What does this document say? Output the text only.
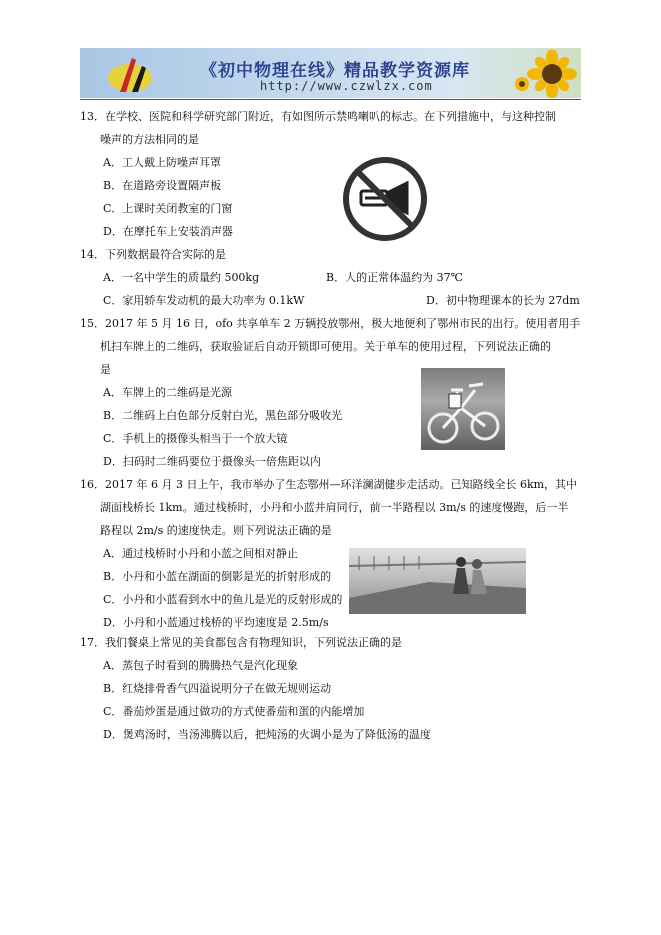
《初中物理在线》精品教学资源库
http://www.czwlzx.com
13．在学校、医院和科学研究部门附近，有如图所示禁鸣喇叭的标志。在下列措施中，与这种控制
噪声的方法相同的是
A．工人戴上防噪声耳罩
B．在道路旁设置隔声板
C．上课时关闭教室的门窗
D．在摩托车上安装消声器
14．下列数据最符合实际的是
A．一名中学生的质量约 500kg	B．人的正常体温约为 37℃
C．家用轿车发动机的最大功率为 0.1kW	D．初中物理课本的长为 27dm
15．2017 年 5 月 16 日，ofo 共享单车 2 万辆投放鄂州，极大地便利了鄂州市民的出行。使用者用手
机扫车牌上的二维码，获取验证后自动开锁即可使用。关于单车的使用过程，下列说法正确的
是
A．车牌上的二维码是光源
B．二维码上白色部分反射白光，黑色部分吸收光
C．手机上的摄像头相当于一个放大镜
D．扫码时二维码要位于摄像头一倍焦距以内
16．2017 年 6 月 3 日上午，我市举办了生态鄂州—环洋澜湖健步走活动。已知路线全长 6km，其中
湖面栈桥长 1km。通过栈桥时，小丹和小蓝并肩同行，前一半路程以 3m/s 的速度慢跑，后一半
路程以 2m/s 的速度快走。则下列说法正确的是
A．通过栈桥时小丹和小蓝之间相对静止
B．小丹和小蓝在湖面的倒影是光的折射形成的
C．小丹和小蓝看到水中的鱼儿是光的反射形成的
D．小丹和小蓝通过栈桥的平均速度是 2.5m/s
17．我们餐桌上常见的美食都包含有物理知识，下列说法正确的是
A．蒸包子时看到的腾腾热气是汽化现象
B．红烧排骨香气四溢说明分子在做无规则运动
C．番茄炒蛋是通过做功的方式使番茄和蛋的内能增加
D．煲鸡汤时，当汤沸腾以后，把炖汤的火调小是为了降低汤的温度
